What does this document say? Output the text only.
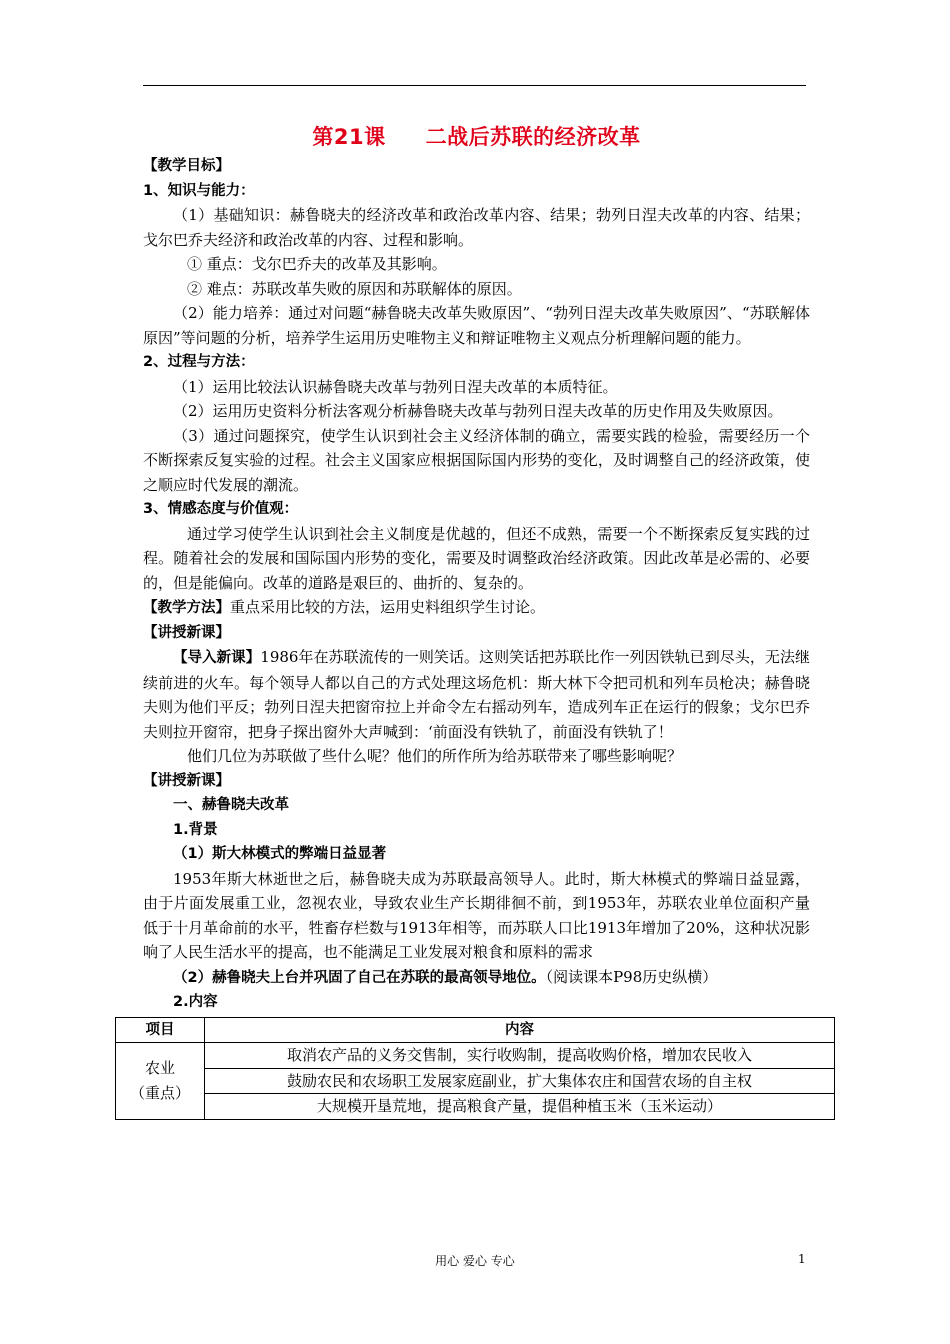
第21课 二战后苏联的经济改革

【教学目标】

1、知识与能力：

（1）基础知识：赫鲁晓夫的经济改革和政治改革内容、结果；勃列日涅夫改革的内容、结果；戈尔巴乔夫经济和政治改革的内容、过程和影响。

① 重点：戈尔巴乔夫的改革及其影响。

② 难点：苏联改革失败的原因和苏联解体的原因。

（2）能力培养：通过对问题“赫鲁晓夫改革失败原因”、“勃列日涅夫改革失败原因”、“苏联解体原因”等问题的分析，培养学生运用历史唯物主义和辩证唯物主义观点分析理解问题的能力。

2、过程与方法：

（1）运用比较法认识赫鲁晓夫改革与勃列日涅夫改革的本质特征。

（2）运用历史资料分析法客观分析赫鲁晓夫改革与勃列日涅夫改革的历史作用及失败原因。

（3）通过问题探究，使学生认识到社会主义经济体制的确立，需要实践的检验，需要经历一个不断探索反复实验的过程。社会主义国家应根据国际国内形势的变化，及时调整自己的经济政策，使之顺应时代发展的潮流。

3、情感态度与价值观：

通过学习使学生认识到社会主义制度是优越的，但还不成熟，需要一个不断探索反复实践的过程。随着社会的发展和国际国内形势的变化，需要及时调整政治经济政策。因此改革是必需的、必要的，但是能偏向。改革的道路是艰巨的、曲折的、复杂的。

【教学方法】重点采用比较的方法，运用史料组织学生讨论。

【讲授新课】

【导入新课】1986年在苏联流传的一则笑话。这则笑话把苏联比作一列因铁轨已到尽头，无法继续前进的火车。每个领导人都以自己的方式处理这场危机：斯大林下令把司机和列车员枪决；赫鲁晓夫则为他们平反；勃列日涅夫把窗帘拉上并命令左右摇动列车，造成列车正在运行的假象；戈尔巴乔夫则拉开窗帘，把身子探出窗外大声喊到：‘前面没有铁轨了，前面没有铁轨了！

他们几位为苏联做了些什么呢？他们的所作所为给苏联带来了哪些影响呢？

【讲授新课】

一、赫鲁晓夫改革

1.背景

（1）斯大林模式的弊端日益显著

1953年斯大林逝世之后，赫鲁晓夫成为苏联最高领导人。此时，斯大林模式的弊端日益显露，由于片面发展重工业，忽视农业，导致农业生产长期徘徊不前，到1953年，苏联农业单位面积产量低于十月革命前的水平，牲畜存栏数与1913年相等，而苏联人口比1913年增加了20%，这种状况影响了人民生活水平的提高，也不能满足工业发展对粮食和原料的需求

（2）赫鲁晓夫上台并巩固了自己在苏联的最高领导地位。（阅读课本P98历史纵横）

2.内容

项目	内容

农业
（重点）	取消农产品的义务交售制，实行收购制，提高收购价格，增加农民收入
	鼓励农民和农场职工发展家庭副业，扩大集体农庄和国营农场的自主权
	大规模开垦荒地，提高粮食产量，提倡种植玉米（玉米运动）
用心 爱心 专心	1
